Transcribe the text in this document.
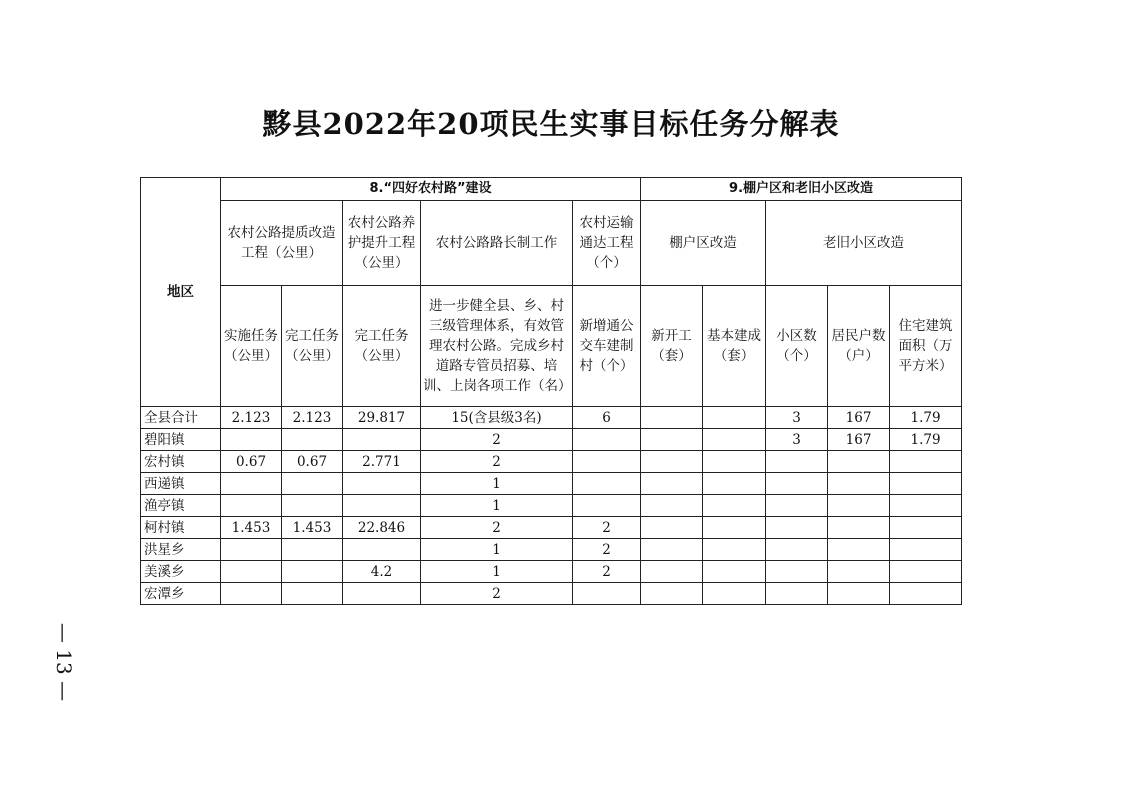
黟县2022年20项民生实事目标任务分解表
地区	8.“四好农村路”建设					9.棚户区和老旧小区改造				
	农村公路提质改造工程（公里）		农村公路养护提升工程（公里）	农村公路路长制工作	农村运输通达工程（个）	棚户区改造		老旧小区改造		
	实施任务（公里）	完工任务（公里）	完工任务（公里）	进一步健全县、乡、村三级管理体系，有效管理农村公路。完成乡村道路专管员招募、培训、上岗各项工作（名）	新增通公交车建制村（个）	新开工（套）	基本建成（套）	小区数（个）	居民户数（户）	住宅建筑面积（万平方米）
全县合计	2.123	2.123	29.817	15(含县级3名)	6			3	167	1.79
碧阳镇				2				3	167	1.79
宏村镇	0.67	0.67	2.771	2						
西递镇				1						
渔亭镇				1						
柯村镇	1.453	1.453	22.846	2	2					
洪星乡				1	2					
美溪乡			4.2	1	2					
宏潭乡				2						
— 13 —
